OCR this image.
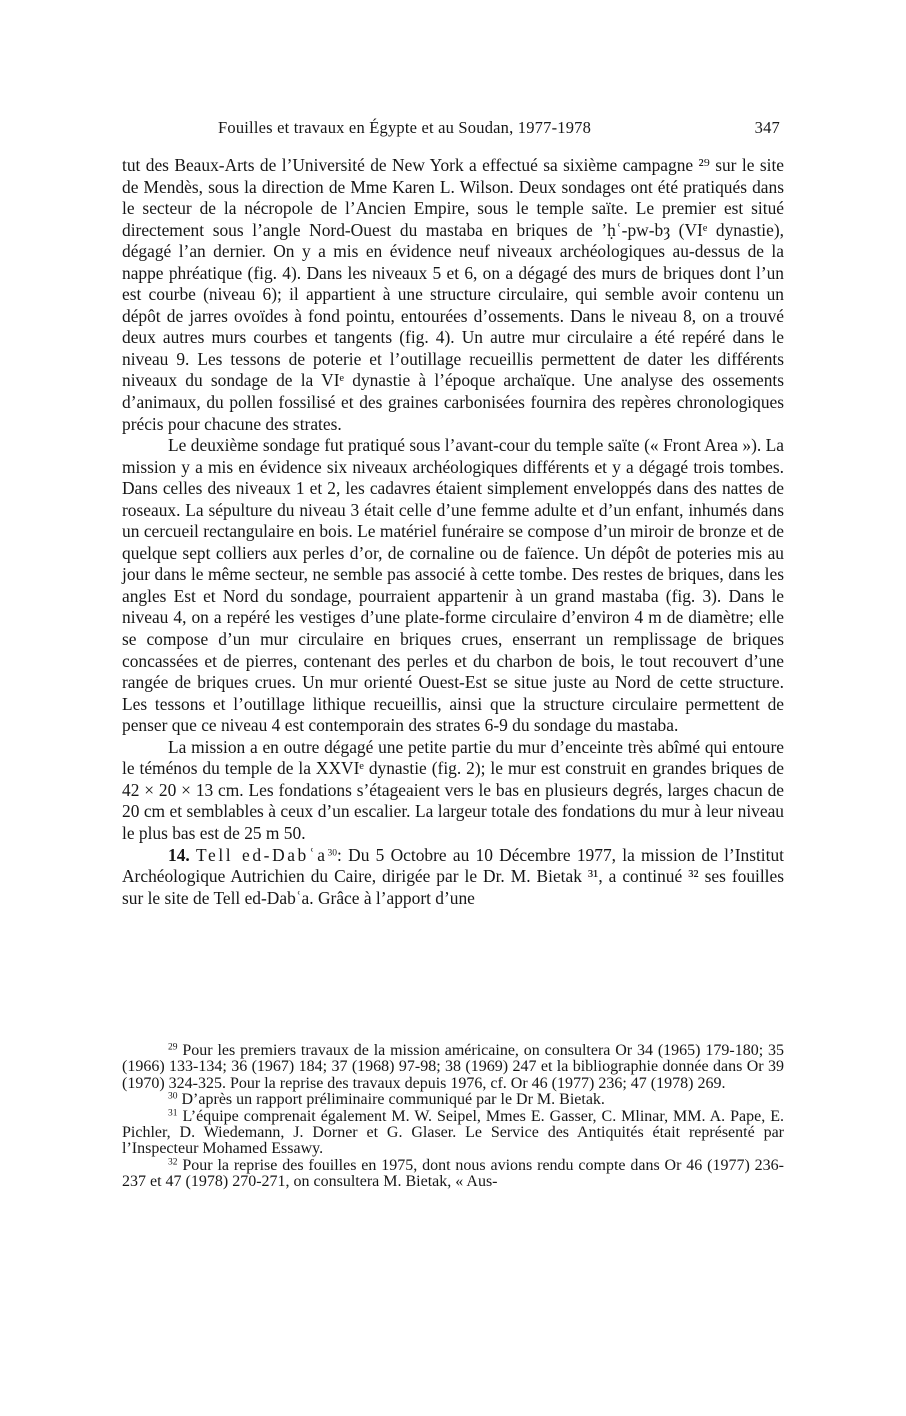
Fouilles et travaux en Égypte et au Soudan, 1977-1978	347

tut des Beaux-Arts de l’Université de New York a effectué sa sixième campagne ²⁹ sur le site de Mendès, sous la direction de Mme Karen L. Wilson. Deux sondages ont été pratiqués dans le secteur de la nécropole de l’Ancien Empire, sous le temple saïte. Le premier est situé directement sous l’angle Nord-Ouest du mastaba en briques de ’ḥʿ-pw-bȝ (VIᵉ dynastie), dégagé l’an dernier. On y a mis en évidence neuf niveaux archéologiques au-dessus de la nappe phréatique (fig. 4). Dans les niveaux 5 et 6, on a dégagé des murs de briques dont l’un est courbe (niveau 6); il appartient à une structure circulaire, qui semble avoir contenu un dépôt de jarres ovoïdes à fond pointu, entourées d’ossements. Dans le niveau 8, on a trouvé deux autres murs courbes et tangents (fig. 4). Un autre mur circulaire a été repéré dans le niveau 9. Les tessons de poterie et l’outillage recueillis permettent de dater les différents niveaux du sondage de la VIᵉ dynastie à l’époque archaïque. Une analyse des ossements d’animaux, du pollen fossilisé et des graines carbonisées fournira des repères chronologiques précis pour chacune des strates.

Le deuxième sondage fut pratiqué sous l’avant-cour du temple saïte (« Front Area »). La mission y a mis en évidence six niveaux archéologiques différents et y a dégagé trois tombes. Dans celles des niveaux 1 et 2, les cadavres étaient simplement enveloppés dans des nattes de roseaux. La sépulture du niveau 3 était celle d’une femme adulte et d’un enfant, inhumés dans un cercueil rectangulaire en bois. Le matériel funéraire se compose d’un miroir de bronze et de quelque sept colliers aux perles d’or, de cornaline ou de faïence. Un dépôt de poteries mis au jour dans le même secteur, ne semble pas associé à cette tombe. Des restes de briques, dans les angles Est et Nord du sondage, pourraient appartenir à un grand mastaba (fig. 3). Dans le niveau 4, on a repéré les vestiges d’une plate-forme circulaire d’environ 4 m de diamètre; elle se compose d’un mur circulaire en briques crues, enserrant un remplissage de briques concassées et de pierres, contenant des perles et du charbon de bois, le tout recouvert d’une rangée de briques crues. Un mur orienté Ouest-Est se situe juste au Nord de cette structure. Les tessons et l’outillage lithique recueillis, ainsi que la structure circulaire permettent de penser que ce niveau 4 est contemporain des strates 6-9 du sondage du mastaba.

La mission a en outre dégagé une petite partie du mur d’enceinte très abîmé qui entoure le téménos du temple de la XXVIᵉ dynastie (fig. 2); le mur est construit en grandes briques de 42 × 20 × 13 cm. Les fondations s’étageaient vers le bas en plusieurs degrés, larges chacun de 20 cm et semblables à ceux d’un escalier. La largeur totale des fondations du mur à leur niveau le plus bas est de 25 m 50.

14. Tell ed-Dabʿa$^{30}$: Du 5 Octobre au 10 Décembre 1977, la mission de l’Institut Archéologique Autrichien du Caire, dirigée par le Dr. M. Bietak ³¹, a continué ³² ses fouilles sur le site de Tell ed-Dabʿa. Grâce à l’apport d’une

$^{29}$ Pour les premiers travaux de la mission américaine, on consultera Or 34 (1965) 179-180; 35 (1966) 133-134; 36 (1967) 184; 37 (1968) 97-98; 38 (1969) 247 et la bibliographie donnée dans Or 39 (1970) 324-325. Pour la reprise des travaux depuis 1976, cf. Or 46 (1977) 236; 47 (1978) 269.

$^{30}$ D’après un rapport préliminaire communiqué par le Dr M. Bietak.

$^{31}$ L’équipe comprenait également M. W. Seipel, Mmes E. Gasser, C. Mlinar, MM. A. Pape, E. Pichler, D. Wiedemann, J. Dorner et G. Glaser. Le Service des Antiquités était représenté par l’Inspecteur Mohamed Essawy.

$^{32}$ Pour la reprise des fouilles en 1975, dont nous avions rendu compte dans Or 46 (1977) 236-237 et 47 (1978) 270-271, on consultera M. Bietak, « Aus-
